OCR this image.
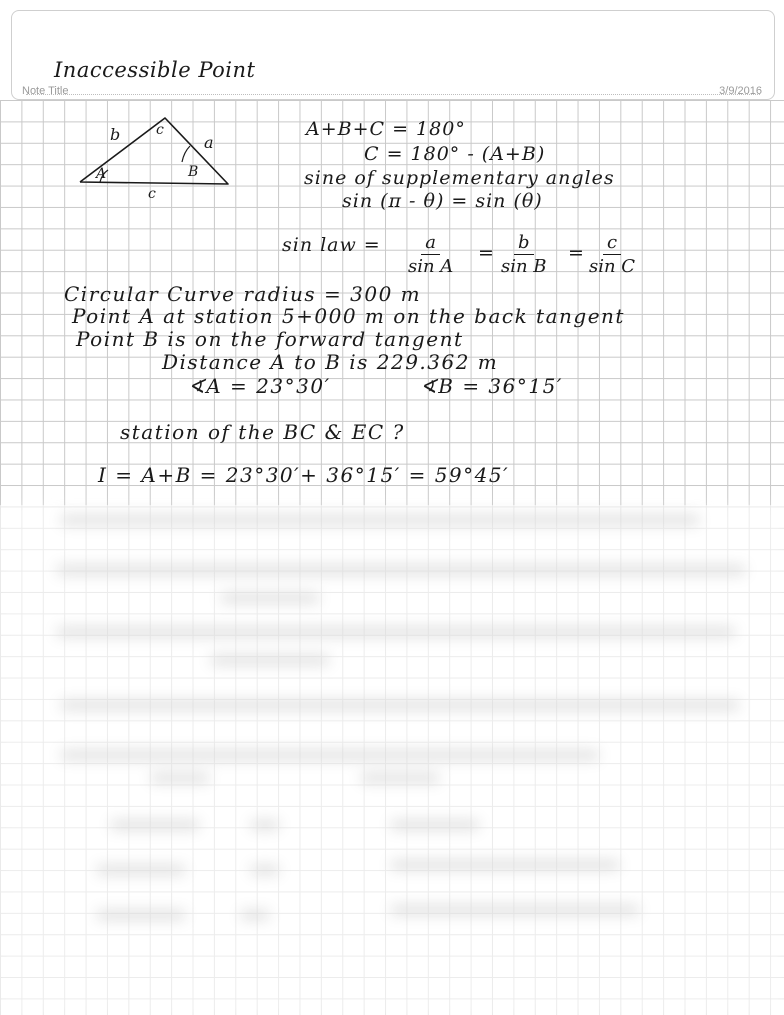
Inaccessible Point
Note Title	3/9/2016
b	c
a
A	B
c
A+B+C = 180°
C = 180° - (A+B)
sine of supplementary angles
sin (π - θ) = sin (θ)
sin law = $\frac{a}{\text{sin A}} = \frac{b}{\text{sin B}} = \frac{c}{\text{sin C}}$
Circular Curve radius = 300 m
Point A at station 5+000 m on the back tangent
Point B is on the forward tangent
Distance A to B is 229.362 m
∢A = 23°30′	∢B = 36°15′
station of the BC & EC ?
I = A+B = 23°30′+ 36°15′ = 59°45′
